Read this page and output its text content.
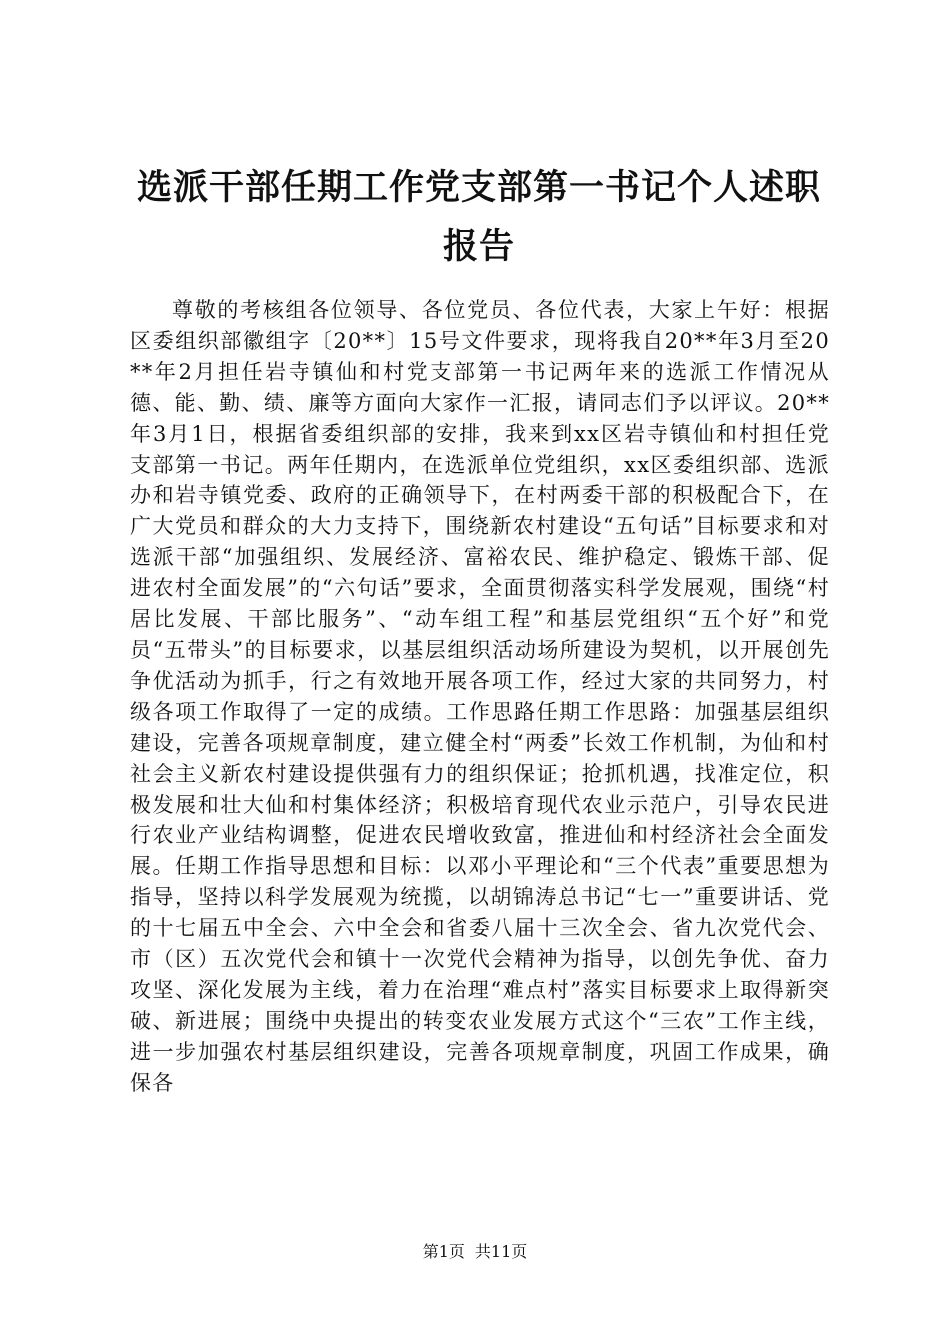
选派干部任期工作党支部第一书记个人述职报告

尊敬的考核组各位领导、各位党员、各位代表，大家上午好：根据区委组织部徽组字〔20**〕15号文件要求，现将我自20**年3月至20**年2月担任岩寺镇仙和村党支部第一书记两年来的选派工作情况从德、能、勤、绩、廉等方面向大家作一汇报，请同志们予以评议。20**年3月1日，根据省委组织部的安排，我来到xx区岩寺镇仙和村担任党支部第一书记。两年任期内，在选派单位党组织，xx区委组织部、选派办和岩寺镇党委、政府的正确领导下，在村两委干部的积极配合下，在广大党员和群众的大力支持下，围绕新农村建设“五句话”目标要求和对选派干部“加强组织、发展经济、富裕农民、维护稳定、锻炼干部、促进农村全面发展”的“六句话”要求，全面贯彻落实科学发展观，围绕“村居比发展、干部比服务”、“动车组工程”和基层党组织“五个好”和党员“五带头”的目标要求，以基层组织活动场所建设为契机，以开展创先争优活动为抓手，行之有效地开展各项工作，经过大家的共同努力，村级各项工作取得了一定的成绩。工作思路任期工作思路：加强基层组织建设，完善各项规章制度，建立健全村“两委”长效工作机制，为仙和村社会主义新农村建设提供强有力的组织保证；抢抓机遇，找准定位，积极发展和壮大仙和村集体经济；积极培育现代农业示范户，引导农民进行农业产业结构调整，促进农民增收致富，推进仙和村经济社会全面发展。任期工作指导思想和目标：以邓小平理论和“三个代表”重要思想为指导，坚持以科学发展观为统揽，以胡锦涛总书记“七一”重要讲话、党的十七届五中全会、六中全会和省委八届十三次全会、省九次党代会、市（区）五次党代会和镇十一次党代会精神为指导，以创先争优、奋力攻坚、深化发展为主线，着力在治理“难点村”落实目标要求上取得新突破、新进展；围绕中央提出的转变农业发展方式这个“三农”工作主线，进一步加强农村基层组织建设，完善各项规章制度，巩固工作成果，确保各

第1页 共11页
